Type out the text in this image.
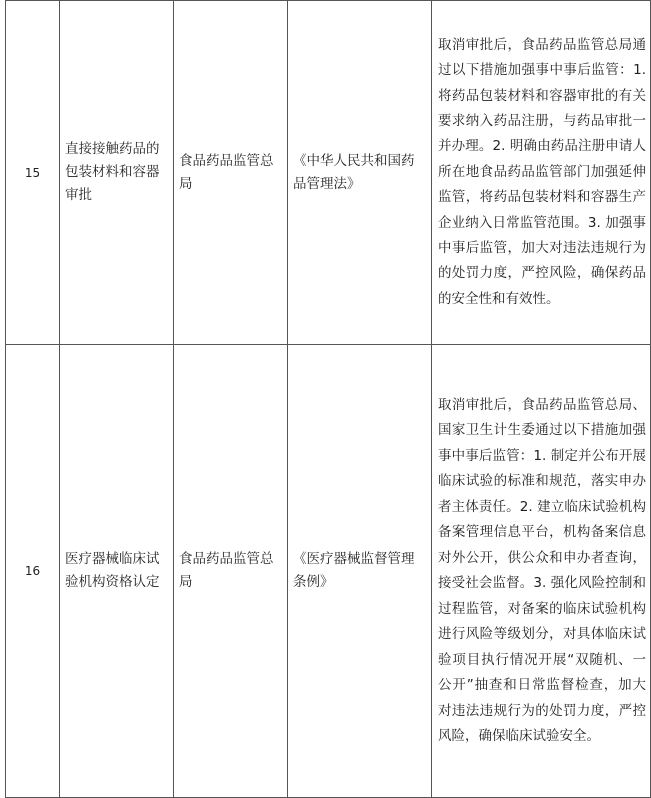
15	直接接触药品的包装材料和容器审批	食品药品监管总局	《中华人民共和国药品管理法》	取消审批后，食品药品监管总局通过以下措施加强事中事后监管：1. 将药品包装材料和容器审批的有关要求纳入药品注册，与药品审批一并办理。2. 明确由药品注册申请人所在地食品药品监管部门加强延伸监管，将药品包装材料和容器生产企业纳入日常监管范围。3. 加强事中事后监管，加大对违法违规行为的处罚力度，严控风险，确保药品的安全性和有效性。
16	医疗器械临床试验机构资格认定	食品药品监管总局	《医疗器械监督管理条例》	取消审批后，食品药品监管总局、国家卫生计生委通过以下措施加强事中事后监管：1. 制定并公布开展临床试验的标准和规范，落实申办者主体责任。2. 建立临床试验机构备案管理信息平台，机构备案信息对外公开，供公众和申办者查询，接受社会监督。3. 强化风险控制和过程监管，对备案的临床试验机构进行风险等级划分，对具体临床试验项目执行情况开展“双随机、一公开”抽查和日常监督检查，加大对违法违规行为的处罚力度，严控风险，确保临床试验安全。
